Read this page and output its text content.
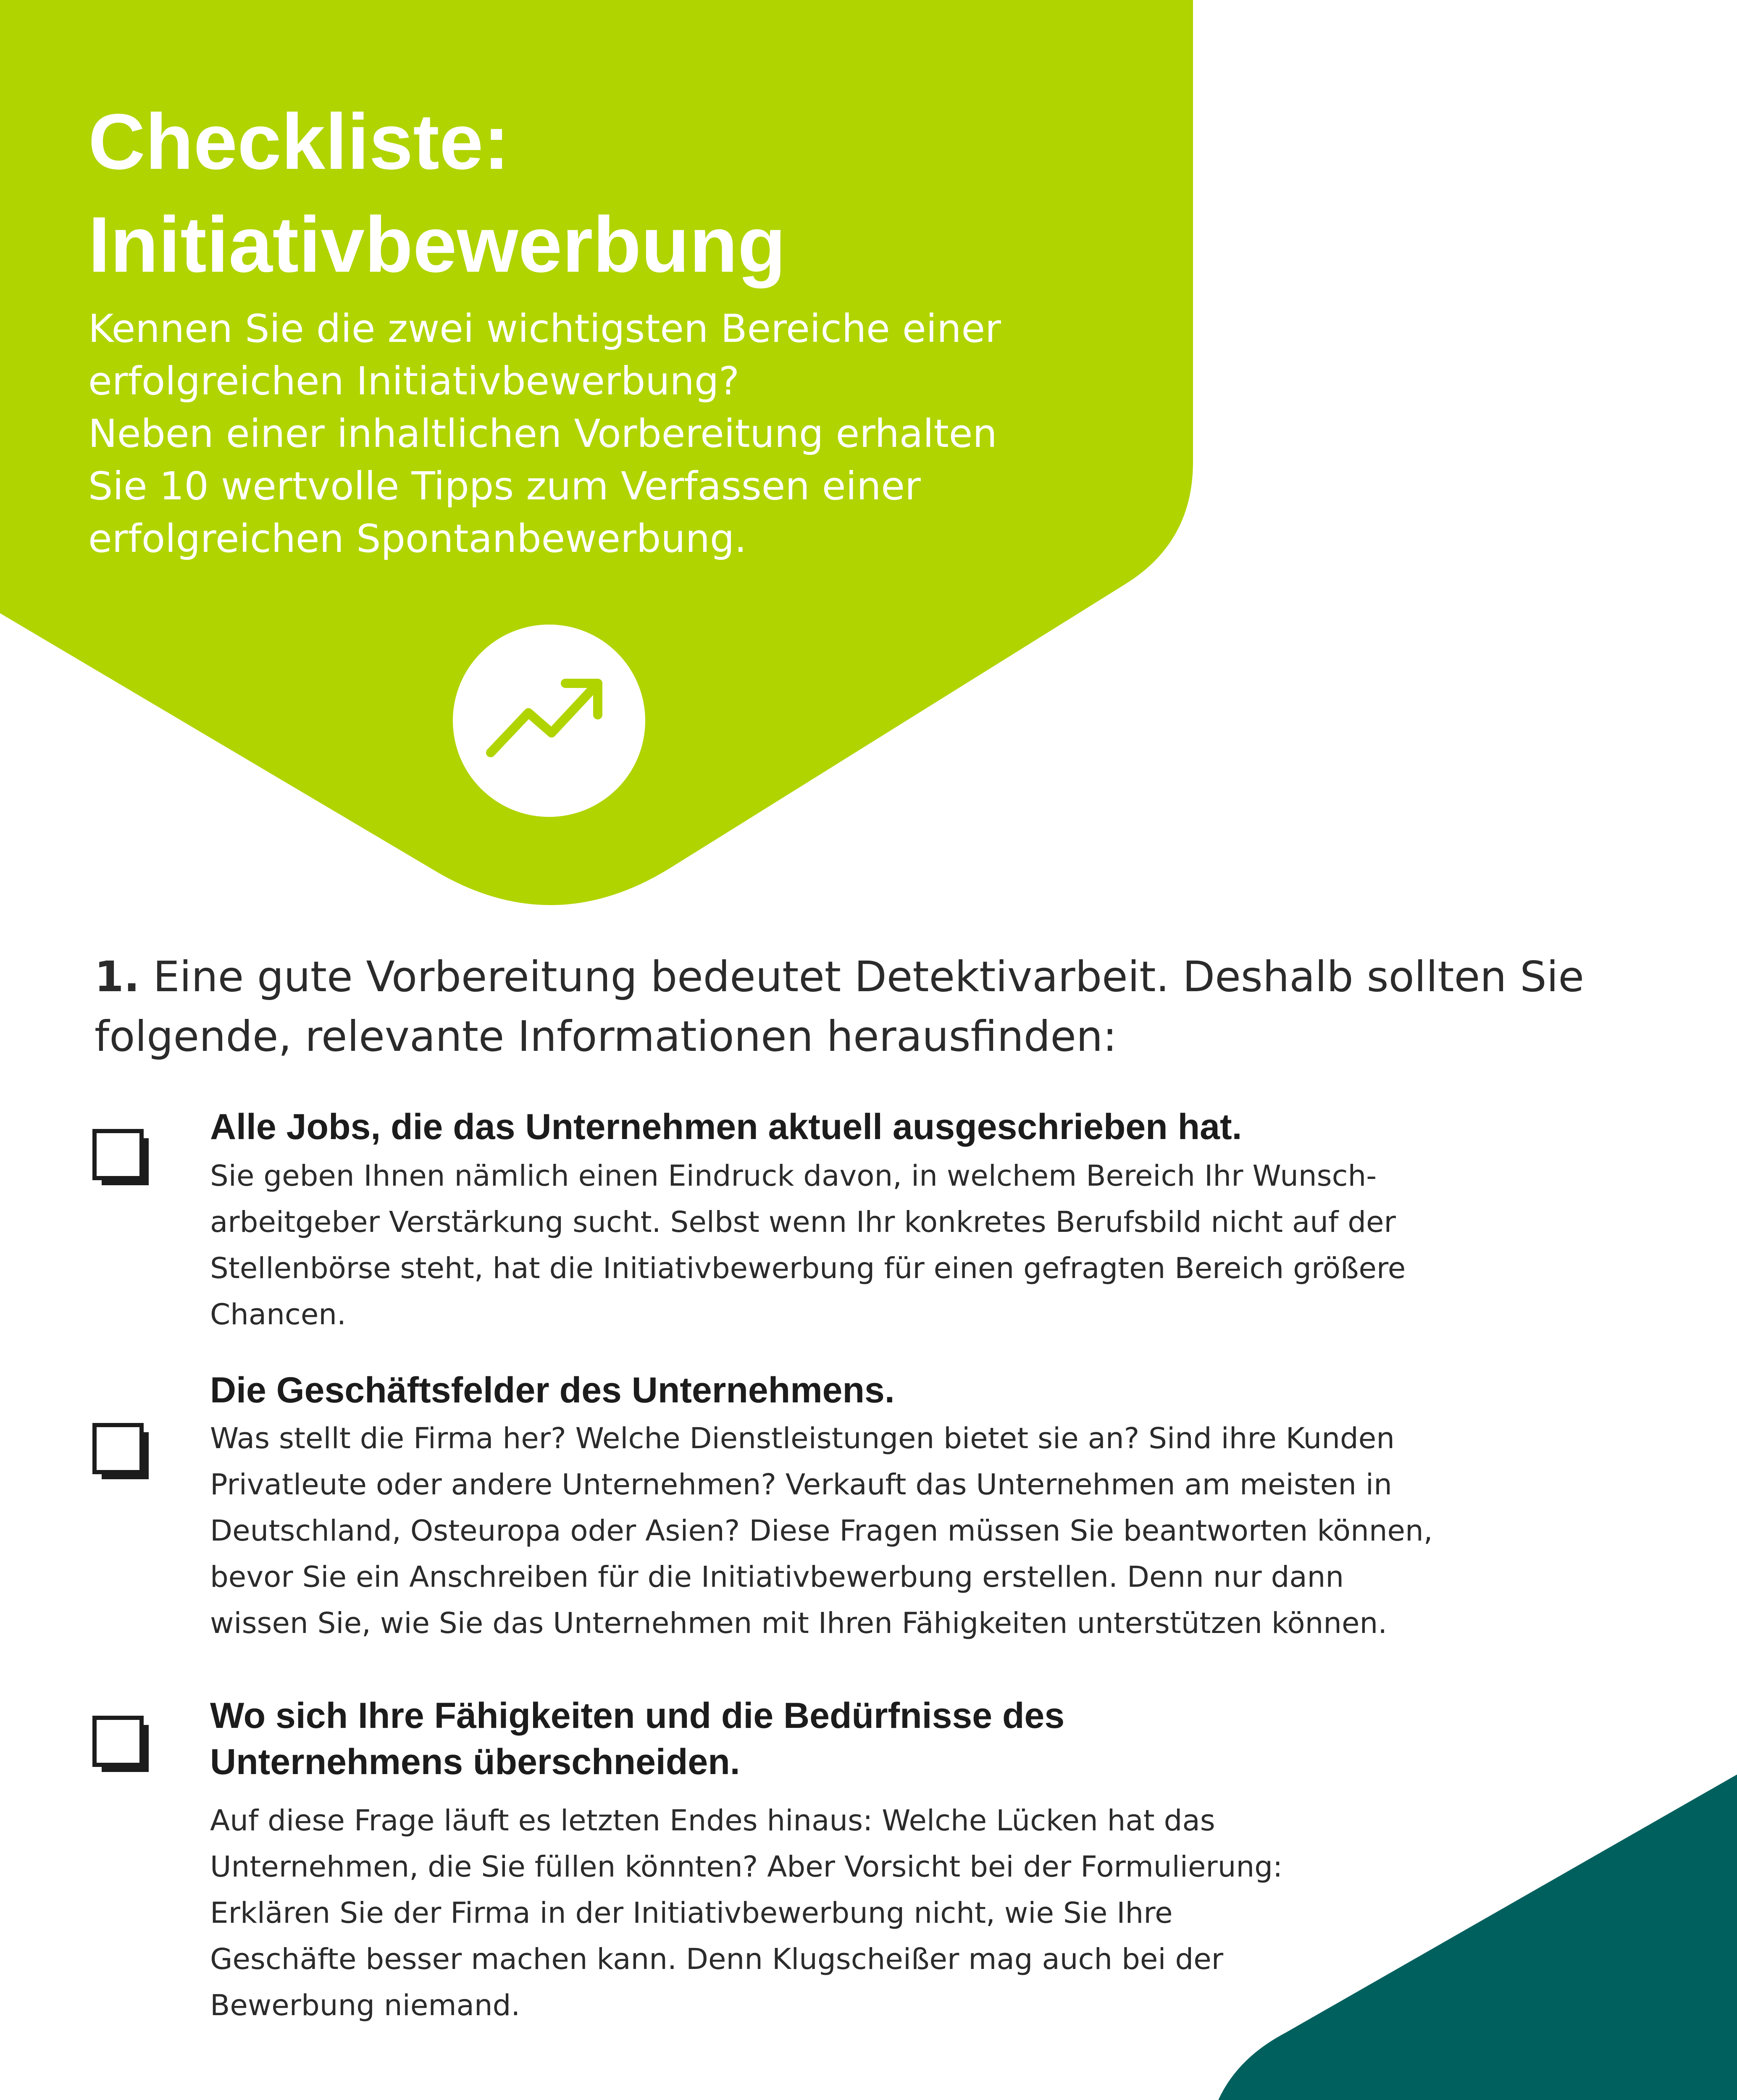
Checkliste:
Initiativbewerbung

Kennen Sie die zwei wichtigsten Bereiche einer
erfolgreichen Initiativbewerbung?
Neben einer inhaltlichen Vorbereitung erhalten
Sie 10 wertvolle Tipps zum Verfassen einer
erfolgreichen Spontanbewerbung.

1. Eine gute Vorbereitung bedeutet Detektivarbeit. Deshalb sollten Sie
folgende, relevante Informationen herausfinden:
Alle Jobs, die das Unternehmen aktuell ausgeschrieben hat.

Sie geben Ihnen nämlich einen Eindruck davon, in welchem Bereich Ihr Wunsch-
arbeitgeber Verstärkung sucht. Selbst wenn Ihr konkretes Berufsbild nicht auf der
Stellenbörse steht, hat die Initiativbewerbung für einen gefragten Bereich größere
Chancen.

Die Geschäftsfelder des Unternehmens.

Was stellt die Firma her? Welche Dienstleistungen bietet sie an? Sind ihre Kunden
Privatleute oder andere Unternehmen? Verkauft das Unternehmen am meisten in
Deutschland, Osteuropa oder Asien? Diese Fragen müssen Sie beantworten können,
bevor Sie ein Anschreiben für die Initiativbewerbung erstellen. Denn nur dann
wissen Sie, wie Sie das Unternehmen mit Ihren Fähigkeiten unterstützen können.

Wo sich Ihre Fähigkeiten und die Bedürfnisse des
Unternehmens überschneiden.

Auf diese Frage läuft es letzten Endes hinaus: Welche Lücken hat das
Unternehmen, die Sie füllen könnten? Aber Vorsicht bei der Formulierung:
Erklären Sie der Firma in der Initiativbewerbung nicht, wie Sie Ihre
Geschäfte besser machen kann. Denn Klugscheißer mag auch bei der
Bewerbung niemand.
